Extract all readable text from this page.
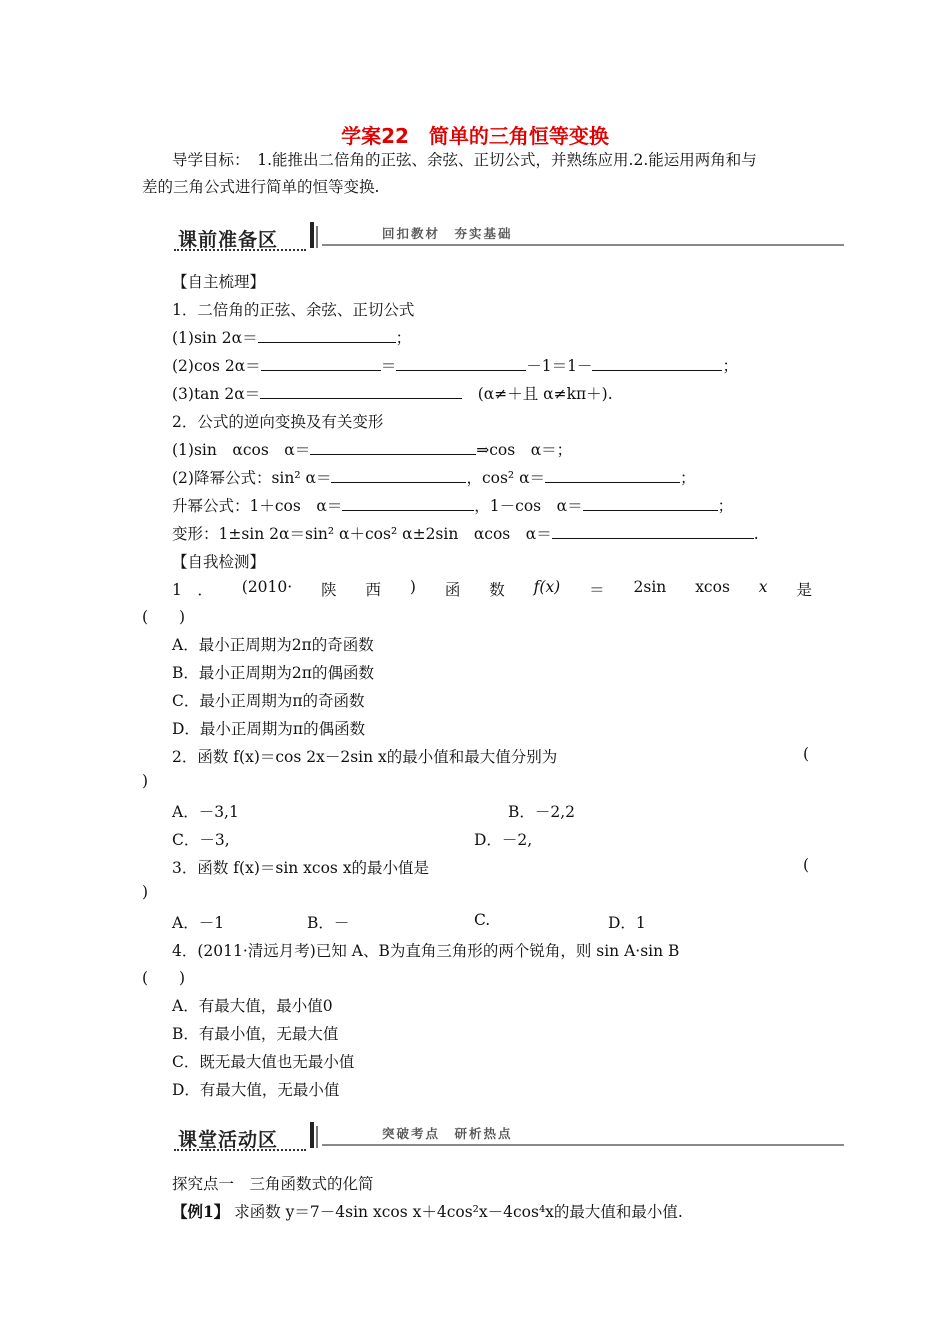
学案22　简单的三角恒等变换
导学目标：　1.能推出二倍角的正弦、余弦、正切公式，并熟练应用.2.能运用两角和与
差的三角公式进行简单的恒等变换.
课前准备区	回扣教材　夯实基础
【自主梳理】
1．二倍角的正弦、余弦、正切公式
(1)sin 2α＝	；
(2)cos 2α＝	＝	－1＝1－	；
(3)tan 2α＝　	(α≠＋且 α≠kπ＋).
2．公式的逆向变换及有关变形
(1)sin　αcos　α＝	⇒cos　α＝；
(2)降幂公式：sin² α＝	，cos² α＝	；
升幂公式：1＋cos　α＝	，1－cos　α＝	；
变形：1±sin 2α＝sin² α＋cos² α±2sin　αcos　α＝	.
【自我检测】
1　． (2010· 陕 西 ) 函 数 f(x) ＝ 2sin xcos x 是
(　　)
A．最小正周期为2π的奇函数
B．最小正周期为2π的偶函数
C．最小正周期为π的奇函数
D．最小正周期为π的偶函数
2．函数 f(x)＝cos 2x－2sin x的最小值和最大值分别为	(
)
A．－3,1	B．－2,2
C．－3,	D．－2,
3．函数 f(x)＝sin xcos x的最小值是	(
)
A．－1	B．－	C.	D．1
4．(2011·清远月考)已知 A、B为直角三角形的两个锐角，则 sin A·sin B
(　　)
A．有最大值，最小值0
B．有最小值，无最大值
C．既无最大值也无最小值
D．有最大值，无最小值
课堂活动区	突破考点　研析热点
探究点一　三角函数式的化简
【例1】 求函数 y＝7－4sin xcos x＋4cos²x－4cos⁴x的最大值和最小值.
